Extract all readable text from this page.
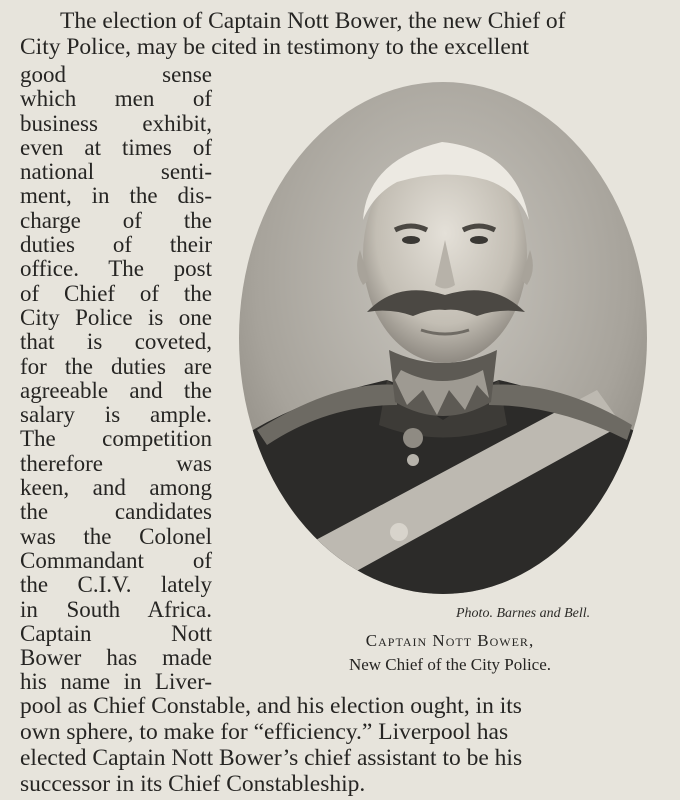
The election of Captain Nott Bower, the new Chief of
City Police, may be cited in testimony to the excellent
good sense
which men of
business exhibit,
even at times of
national senti-
ment, in the dis-
charge of the
duties of their
office. The post
of Chief of the
City Police is one
that is coveted,
for the duties are
agreeable and the
salary is ample.
The competition
therefore was
keen, and among
the candidates
was the Colonel
Commandant of
the C.I.V. lately
in South Africa.
Captain Nott
Bower has made
his name in Liver-
Photo. Barnes and Bell.
Captain Nott Bower,
New Chief of the City Police.
pool as Chief Constable, and his election ought, in its
own sphere, to make for “efficiency.” Liverpool has
elected Captain Nott Bower’s chief assistant to be his
successor in its Chief Constableship.
